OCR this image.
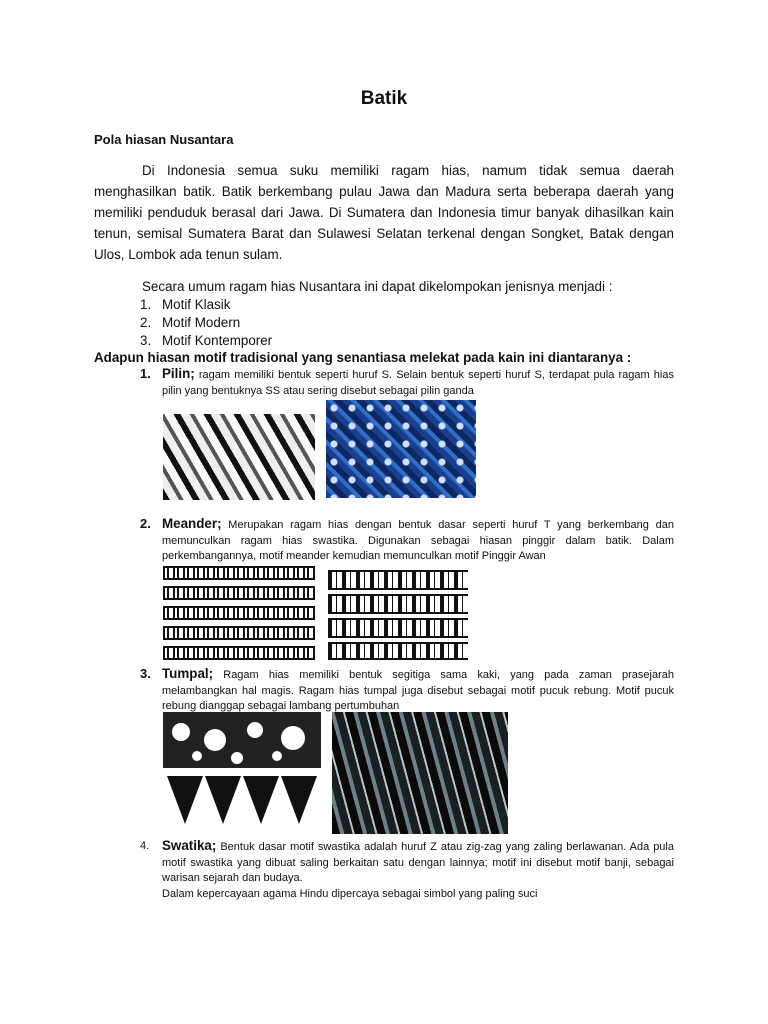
Batik
Pola hiasan Nusantara
Di Indonesia semua suku memiliki ragam hias, namum tidak semua daerah menghasilkan batik. Batik berkembang pulau Jawa dan Madura serta beberapa daerah yang memiliki penduduk berasal dari Jawa. Di Sumatera dan Indonesia timur banyak dihasilkan kain tenun, semisal Sumatera Barat dan Sulawesi Selatan terkenal dengan Songket, Batak dengan Ulos, Lombok ada tenun sulam.
Secara umum ragam hias Nusantara ini dapat dikelompokan jenisnya menjadi :
1. Motif Klasik
2. Motif Modern
3. Motif Kontemporer
Adapun hiasan motif tradisional yang senantiasa melekat pada kain ini diantaranya :
1. Pilin; ragam memiliki bentuk seperti huruf S. Selain bentuk seperti huruf S, terdapat pula ragam hias pilin yang bentuknya SS atau sering disebut sebagai pilin ganda
2. Meander; Merupakan ragam hias dengan bentuk dasar seperti huruf T yang berkembang dan memunculkan ragam hias swastika. Digunakan sebagai hiasan pinggir dalam batik. Dalam perkembangannya, motif meander kemudian memunculkan motif Pinggir Awan
3. Tumpal; Ragam hias memiliki bentuk segitiga sama kaki, yang pada zaman prasejarah melambangkan hal magis. Ragam hias tumpal juga disebut sebagai motif pucuk rebung. Motif pucuk rebung dianggap sebagai lambang pertumbuhan
4. Swatika; Bentuk dasar motif swastika adalah huruf Z atau zig-zag yang zaling berlawanan. Ada pula motif swastika yang dibuat saling berkaitan satu dengan lainnya; motif ini disebut motif banji, sebagai warisan sejarah dan budaya.
Dalam kepercayaan agama Hindu dipercaya sebagai simbol yang paling suci
